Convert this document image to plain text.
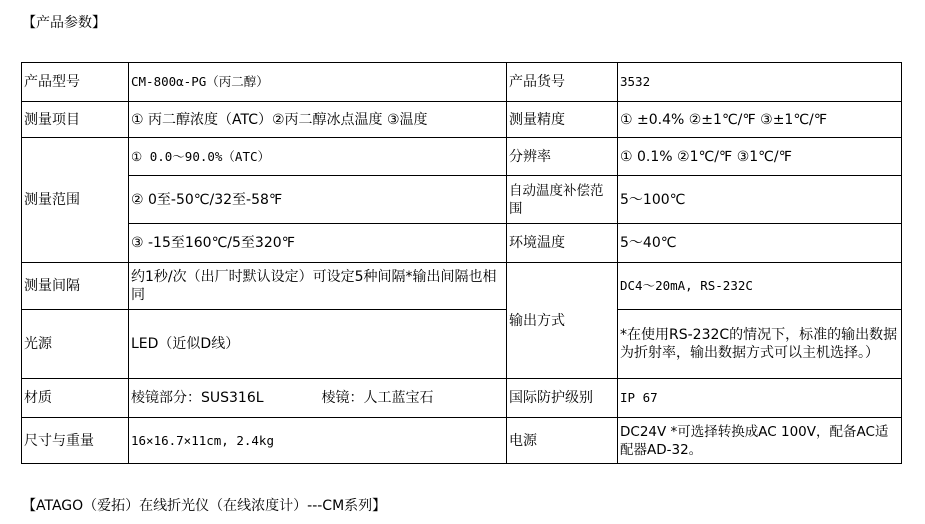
【产品参数】
产品型号	CM-800α-PG（丙二醇）	产品货号	3532
测量项目	① 丙二醇浓度（ATC）②丙二醇冰点温度 ③温度	测量精度	① ±0.4% ②±1℃/℉ ③±1℃/℉
测量范围	① 0.0～90.0%（ATC）	分辨率	① 0.1% ②1℃/℉ ③1℃/℉
	② 0至-50℃/32至-58℉	自动温度补偿范围	5～100℃
	③ -15至160℃/5至320℉	环境温度	5～40℃
测量间隔	约1秒/次（出厂时默认设定）可设定5种间隔*输出间隔也相同	输出方式	DC4～20mA, RS-232C
光源	LED（近似D线）		*在使用RS-232C的情况下，标准的输出数据为折射率，输出数据方式可以主机选择。）
材质	棱镜部分：SUS316L 棱镜：人工蓝宝石	国际防护级别	IP 67
尺寸与重量	16×16.7×11cm, 2.4kg	电源	DC24V *可选择转换成AC 100V，配备AC适配器AD-32。
【ATAGO（爱拓）在线折光仪（在线浓度计）---CM系列】
